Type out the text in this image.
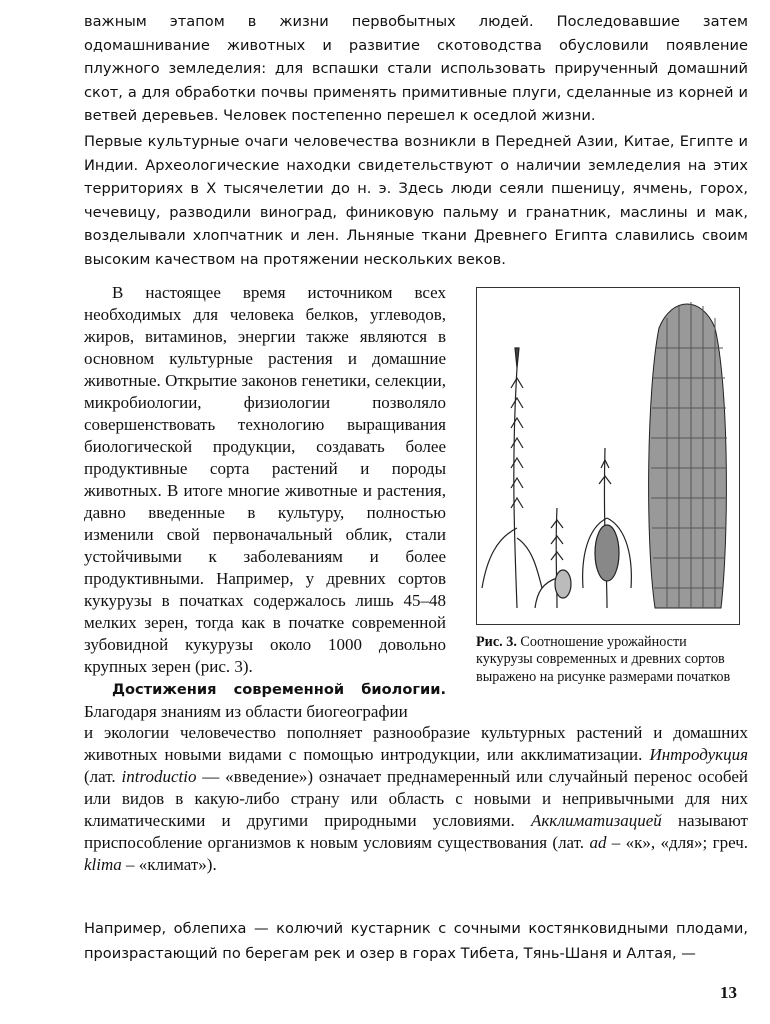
важным этапом в жизни первобытных людей. Последовавшие затем одомашнивание животных и развитие скотоводства обусловили появление плужного земледелия: для вспашки стали использовать прирученный домашний скот, а для обработки почвы применять примитивные плуги, сделанные из корней и ветвей деревьев. Человек постепенно перешел к оседлой жизни.

Первые культурные очаги человечества возникли в Передней Азии, Китае, Египте и Индии. Археологические находки свидетельствуют о наличии земледелия на этих территориях в X тысячелетии до н. э. Здесь люди сеяли пшеницу, ячмень, горох, чечевицу, разводили виноград, финиковую пальму и гранатник, маслины и мак, возделывали хлопчатник и лен. Льняные ткани Древнего Египта славились своим высоким качеством на протяжении нескольких веков.

В настоящее время источником всех необходимых для человека белков, углеводов, жиров, витаминов, энергии также являются в основном культурные растения и домашние животные. Открытие законов генетики, селекции, микробиологии, физиологии позволяло совершенствовать технологию выращивания биологической продукции, создавать более продуктивные сорта растений и породы животных. В итоге многие животные и растения, давно введенные в культуру, полностью изменили свой первоначальный облик, стали устойчивыми к заболеваниям и более продуктивными. Например, у древних сортов кукурузы в початках содержалось лишь 45–48 мелких зерен, тогда как в початке современной зубовидной кукурузы около 1000 довольно крупных зерен (рис. 3).

Достижения современной биологии. Благодаря знаниям из области биогеографии

Рис. 3. Соотношение урожайности кукурузы современных и древних сортов выражено на рисунке размерами початков

и экологии человечество пополняет разнообразие культурных растений и домашних животных новыми видами с помощью интродукции, или акклиматизации. Интродукция (лат. introductio — «введение») означает преднамеренный или случайный перенос особей или видов в какую-либо страну или область с новыми и непривычными для них климатическими и другими природными условиями. Акклиматизацией называют приспособление организмов к новым условиям существования (лат. ad – «к», «для»; греч. klima – «климат»).

Например, облепиха — колючий кустарник с сочными костянковидными плодами, произрастающий по берегам рек и озер в горах Тибета, Тянь-Шаня и Алтая, —

13
